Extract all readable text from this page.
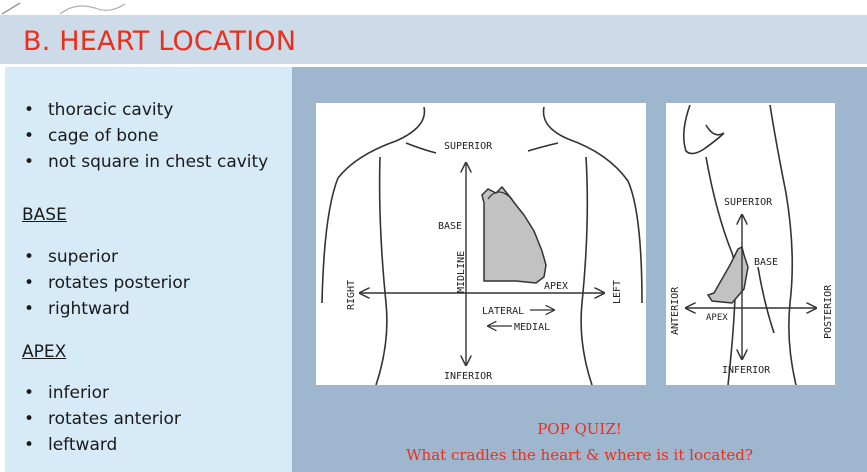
B. HEART LOCATION
• thoracic cavity
• cage of bone
• not square in chest cavity
BASE
• superior
• rotates posterior
• rightward
APEX
• inferior
• rotates anterior
• leftward
SUPERIOR
INFERIOR
BASE
APEX
LATERAL
MEDIAL
RIGHT	LEFT
MIDLINE
SUPERIOR
INFERIOR
BASE
APEX
ANTERIOR	POSTERIOR
POP QUIZ!
What cradles the heart & where is it located?
